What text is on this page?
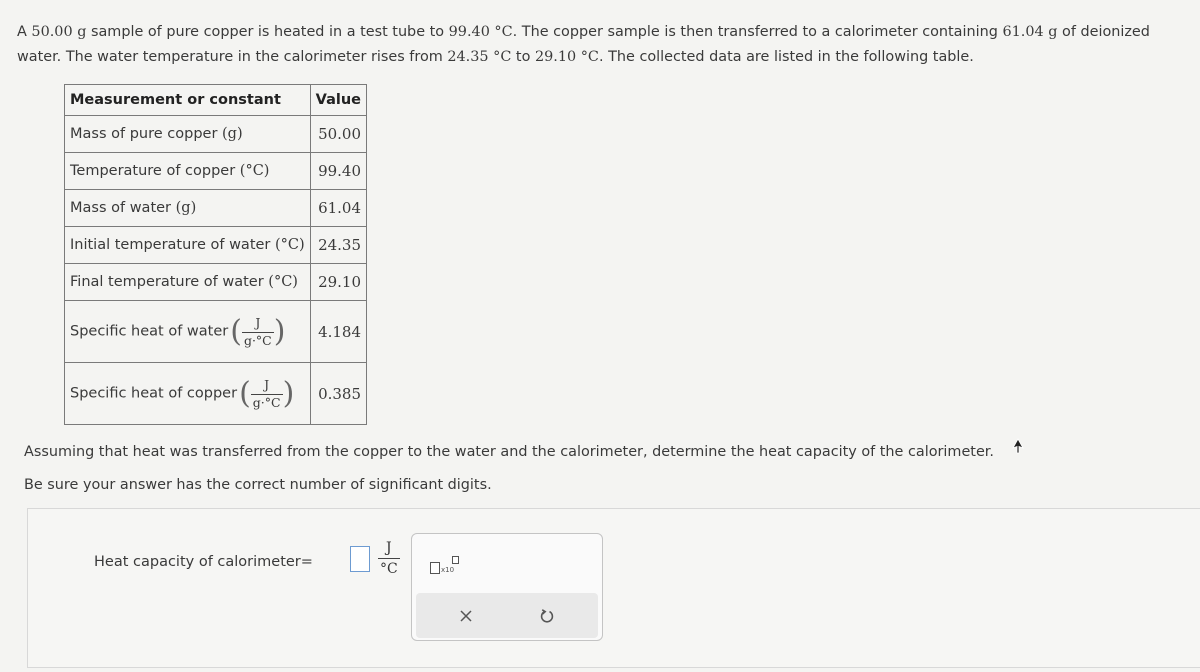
A 50.00 g sample of pure copper is heated in a test tube to 99.40 °C. The copper sample is then transferred to a calorimeter containing 61.04 g of deionized water. The water temperature in the calorimeter rises from 24.35 °C to 29.10 °C. The collected data are listed in the following table.
Measurement or constant	Value
Mass of pure copper (g)	50.00
Temperature of copper (°C)	99.40
Mass of water (g)	61.04
Initial temperature of water (°C)	24.35
Final temperature of water (°C)	29.10
Specific heat of water ( $\frac{J}{g\cdot^\circ C}$ )	4.184
Specific heat of copper ( $\frac{J}{g\cdot^\circ C}$ )	0.385
Assuming that heat was transferred from the copper to the water and the calorimeter, determine the heat capacity of the calorimeter.
Be sure your answer has the correct number of significant digits.
Heat capacity of calorimeter=	$\frac{J}{^\circ C}$	x10
